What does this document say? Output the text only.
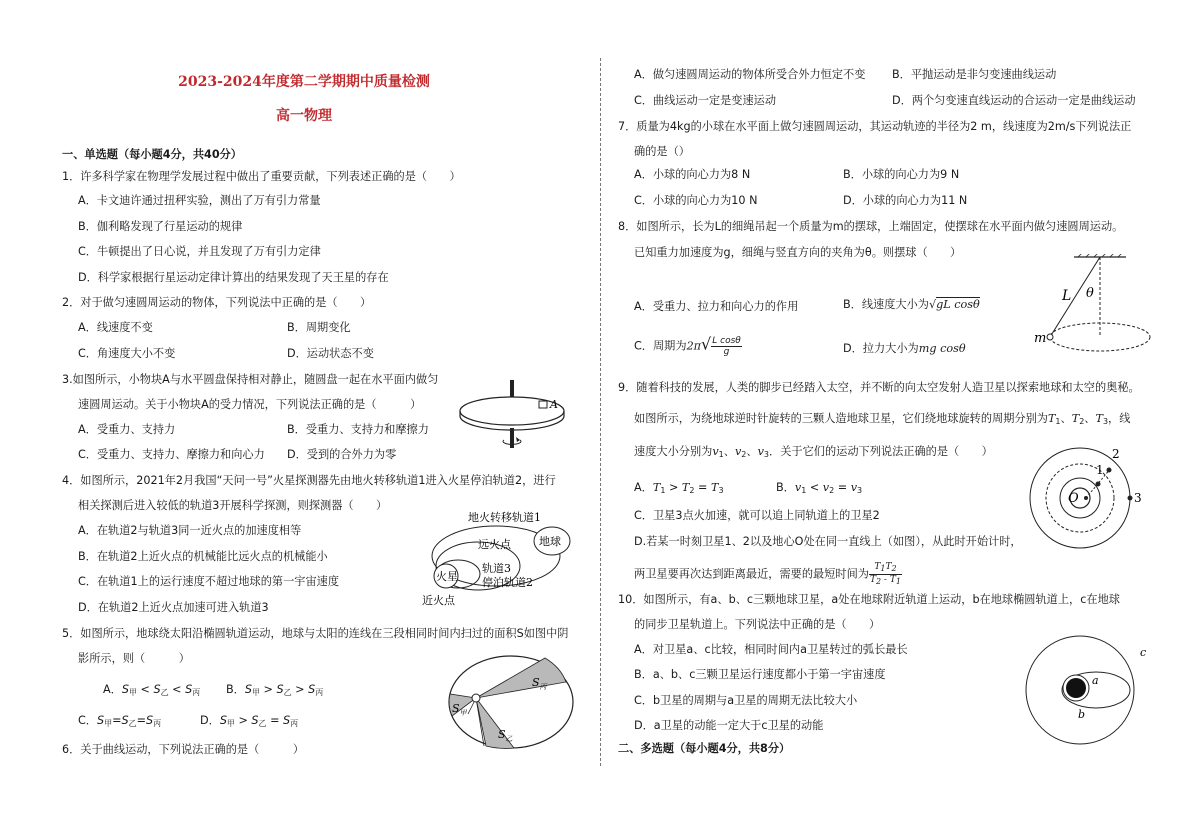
2023-2024年度第二学期期中质量检测
高一物理
一、单选题（每小题4分，共40分）
1．许多科学家在物理学发展过程中做出了重要贡献，下列表述正确的是（　　）
A．卡文迪许通过扭秤实验，测出了万有引力常量
B．伽利略发现了行星运动的规律
C．牛顿提出了日心说，并且发现了万有引力定律
D．科学家根据行星运动定律计算出的结果发现了天王星的存在
2．对于做匀速圆周运动的物体，下列说法中正确的是（　　）
A．线速度不变	B．周期变化
C．角速度大小不变	D．运动状态不变
3.如图所示，小物块A与水平圆盘保持相对静止，随圆盘一起在水平面内做匀
速圆周运动。关于小物块A的受力情况，下列说法正确的是（　　　）
A．受重力、支持力	B．受重力、支持力和摩擦力
C．受重力、支持力、摩擦力和向心力 D．受到的合外力为零
A
4．如图所示，2021年2月我国“天问一号”火星探测器先由地火转移轨道1进入火星停泊轨道2，进行
相关探测后进入较低的轨道3开展科学探测，则探测器（　　）
A．在轨道2与轨道3同一近火点的加速度相等
B．在轨道2上近火点的机械能比远火点的机械能小
C．在轨道1上的运行速度不超过地球的第一宇宙速度
D．在轨道2上近火点加速可进入轨道3
地火转移轨道1
火星
地球
远火点
轨道3
停泊轨道2
近火点
5．如图所示，地球绕太阳沿椭圆轨道运动，地球与太阳的连线在三段相同时间内扫过的面积S如图中阴
影所示，则（　　　）
A．$S_甲 < S_乙 < S_丙$ B．$S_甲 > S_乙 > S_丙$
C．$S_甲=S_乙=S_丙$	D．$S_甲 > S_乙 = S_丙$
$S_丙$
$S_甲$
$S_乙$
6．关于曲线运动，下列说法正确的是（　　　）
A．做匀速圆周运动的物体所受合外力恒定不变 B．平抛运动是非匀变速曲线运动
C．曲线运动一定是变速运动	D．两个匀变速直线运动的合运动一定是曲线运动
7．质量为4kg的小球在水平面上做匀速圆周运动，其运动轨迹的半径为2 m，线速度为2m/s下列说法正
确的是（）
A．小球的向心力为8 N	B．小球的向心力为9 N
C．小球的向心力为10 N	D．小球的向心力为11 N
8．如图所示，长为L的细绳吊起一个质量为m的摆球，上端固定，使摆球在水平面内做匀速圆周运动。
已知重力加速度为g，细绳与竖直方向的夹角为θ。则摆球（　　）
A．受重力、拉力和向心力的作用	B．线速度大小为√gL cosθ
C．周期为$2\pi√ \frac{\text{L cosθ}}{g}$	D．拉力大小为mg cosθ
L θ
m
9．随着科技的发展，人类的脚步已经踏入太空，并不断的向太空发射人造卫星以探索地球和太空的奥秘。
如图所示，为绕地球逆时针旋转的三颗人造地球卫星，它们绕地球旋转的周期分别为$T_1$、$T_2$、$T_3$，线
速度大小分别为$v_1$、$v_2$、$v_3$．关于它们的运动下列说法正确的是（　　）
A．$T_1 > T_2 = T_3$	B．$v_1 < v_2 = v_3$
C．卫星3点火加速，就可以追上同轨道上的卫星2
D.若某一时刻卫星1、2以及地心O处在同一直线上（如图），从此时开始计时，
两卫星要再次达到距离最近，需要的最短时间为 $\frac{T1T2}{T2 - T1}$
O
1
2
3
10．如图所示，有a、b、c三颗地球卫星，a处在地球附近轨道上运动，b在地球椭圆轨道上，c在地球
的同步卫星轨道上。下列说法中正确的是（　　）
A．对卫星a、c比较，相同时间内a卫星转过的弧长最长
B．a、b、c三颗卫星运行速度都小于第一宇宙速度
C．b卫星的周期与a卫星的周期无法比较大小
D．a卫星的动能一定大于c卫星的动能
c
a
b
二、多选题（每小题4分，共8分）
